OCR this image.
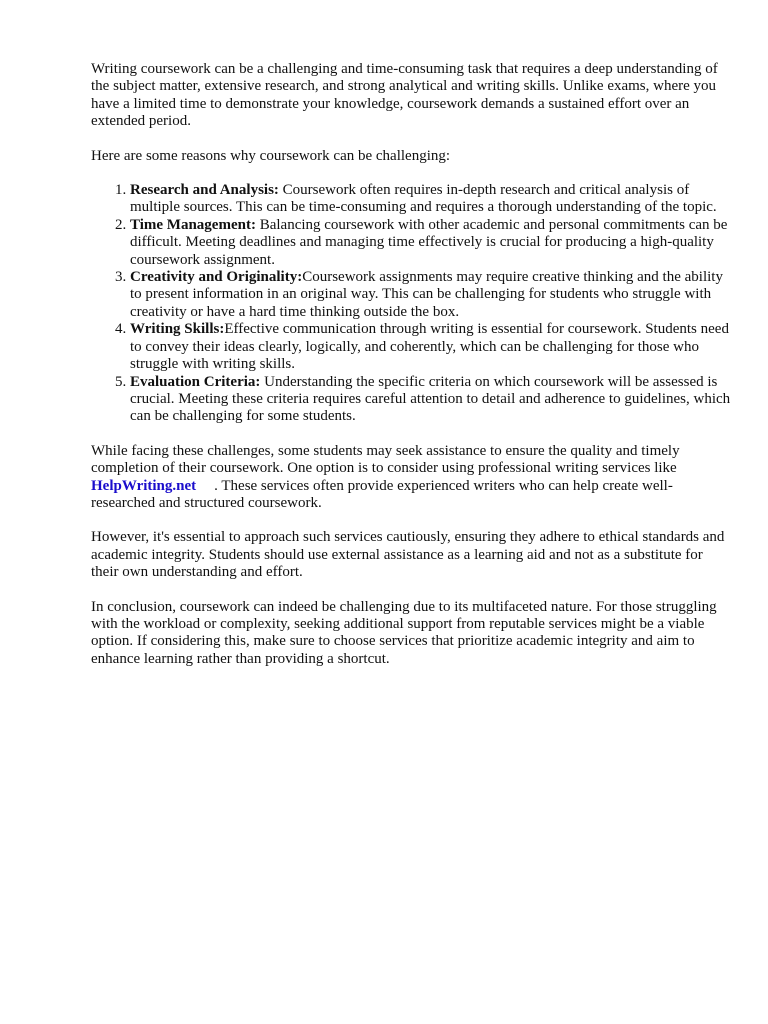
Writing coursework can be a challenging and time-consuming task that requires a deep understanding of the subject matter, extensive research, and strong analytical and writing skills. Unlike exams, where you have a limited time to demonstrate your knowledge, coursework demands a sustained effort over an extended period.

Here are some reasons why coursework can be challenging:

1. Research and Analysis: Coursework often requires in-depth research and critical analysis of multiple sources. This can be time-consuming and requires a thorough understanding of the topic.
2. Time Management: Balancing coursework with other academic and personal commitments can be difficult. Meeting deadlines and managing time effectively is crucial for producing a high-quality coursework assignment.
3. Creativity and Originality:Coursework assignments may require creative thinking and the ability to present information in an original way. This can be challenging for students who struggle with creativity or have a hard time thinking outside the box.
4. Writing Skills:Effective communication through writing is essential for coursework. Students need to convey their ideas clearly, logically, and coherently, which can be challenging for those who struggle with writing skills.
5. Evaluation Criteria: Understanding the specific criteria on which coursework will be assessed is crucial. Meeting these criteria requires careful attention to detail and adherence to guidelines, which can be challenging for some students.

While facing these challenges, some students may seek assistance to ensure the quality and timely completion of their coursework. One option is to consider using professional writing services like
HelpWriting.net . These services often provide experienced writers who can help create well-researched and structured coursework.

However, it's essential to approach such services cautiously, ensuring they adhere to ethical standards and academic integrity. Students should use external assistance as a learning aid and not as a substitute for their own understanding and effort.

In conclusion, coursework can indeed be challenging due to its multifaceted nature. For those struggling with the workload or complexity, seeking additional support from reputable services might be a viable option. If considering this, make sure to choose services that prioritize academic integrity and aim to enhance learning rather than providing a shortcut.
